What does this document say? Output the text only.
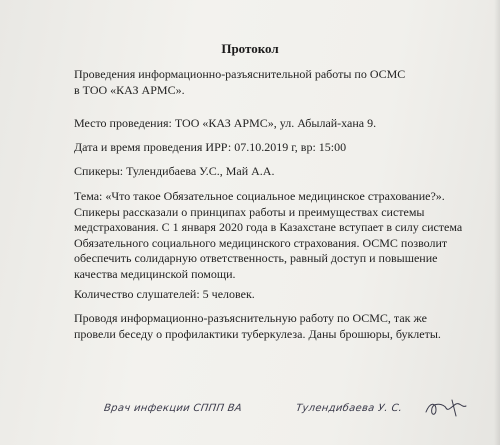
Протокол
Проведения информационно-разъяснительной работы по ОСМС
в ТОО «КАЗ АРМС».
Место проведения: ТОО «КАЗ АРМС», ул. Абылай-хана 9.
Дата и время проведения ИРР: 07.10.2019 г, вр: 15:00
Спикеры: Тулендибаева У.С., Май А.А.
Тема: «Что такое Обязательное социальное медицинское страхование?».
Спикеры рассказали о принципах работы и преимуществах системы
медстрахования. С 1 января 2020 года в Казахстане вступает в силу система
Обязательного социального медицинского страхования. ОСМС позволит
обеспечить солидарную ответственность, равный доступ и повышение
качества медицинской помощи.
Количество слушателей: 5 человек.
Проводя информационно-разъяснительную работу по ОСМС, так же
провели беседу о профилактики туберкулеза. Даны брошюры, буклеты.
Врач инфекции СППП ВА	Тулендибаева У. С.
